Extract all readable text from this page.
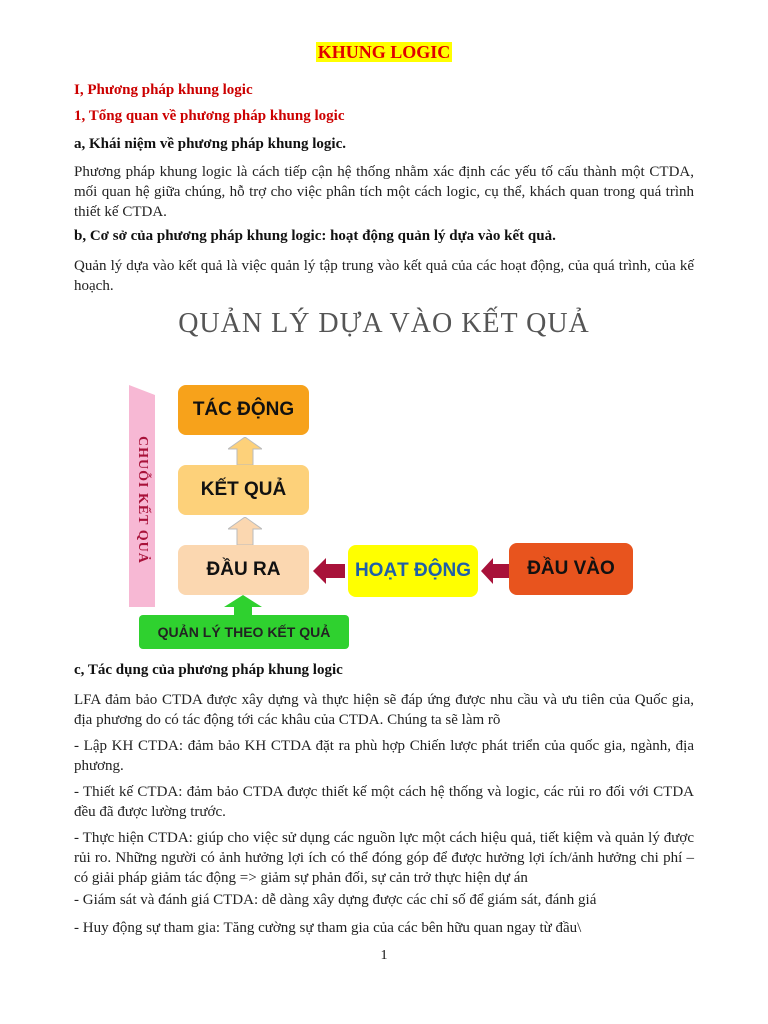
KHUNG LOGIC
I, Phương pháp khung logic
1, Tổng quan về phương pháp khung logic
a, Khái niệm về phương pháp khung logic.
Phương pháp khung logic là cách tiếp cận hệ thống nhằm xác định các yếu tố cấu thành một CTDA, mối quan hệ giữa chúng, hỗ trợ cho việc phân tích một cách logic, cụ thể, khách quan trong quá trình thiết kế CTDA.
b, Cơ sở của phương pháp khung logic: hoạt động quản lý dựa vào kết quả.
Quản lý dựa vào kết quả là việc quản lý tập trung vào kết quả của các hoạt động, của quá trình, của kế hoạch.
QUẢN LÝ DỰA VÀO KẾT QUẢ
CHUỖI KẾT QUẢ
TÁC ĐỘNG
KẾT QUẢ
ĐẦU RA	HOẠT ĐỘNG	ĐẦU VÀO
QUẢN LÝ THEO KẾT QUẢ
c, Tác dụng của phương pháp khung logic
LFA đảm bảo CTDA được xây dựng và thực hiện sẽ đáp ứng được nhu cầu và ưu tiên của Quốc gia, địa phương do có tác động tới các khâu của CTDA. Chúng ta sẽ làm rõ
- Lập KH CTDA: đảm bảo KH CTDA đặt ra phù hợp Chiến lược phát triển của quốc gia, ngành, địa phương.
- Thiết kế CTDA: đảm bảo CTDA được thiết kế một cách hệ thống và logic, các rủi ro đối với CTDA đều đã được lường trước.
- Thực hiện CTDA: giúp cho việc sử dụng các nguồn lực một cách hiệu quả, tiết kiệm và quản lý được rủi ro. Những người có ảnh hưởng lợi ích có thể đóng góp để được hưởng lợi ích/ảnh hưởng chi phí – có giải pháp giảm tác động => giảm sự phản đối, sự cản trở thực hiện dự án
- Giám sát và đánh giá CTDA: dễ dàng xây dựng được các chỉ số để giám sát, đánh giá
- Huy động sự tham gia: Tăng cường sự tham gia của các bên hữu quan ngay từ đầu\
1
